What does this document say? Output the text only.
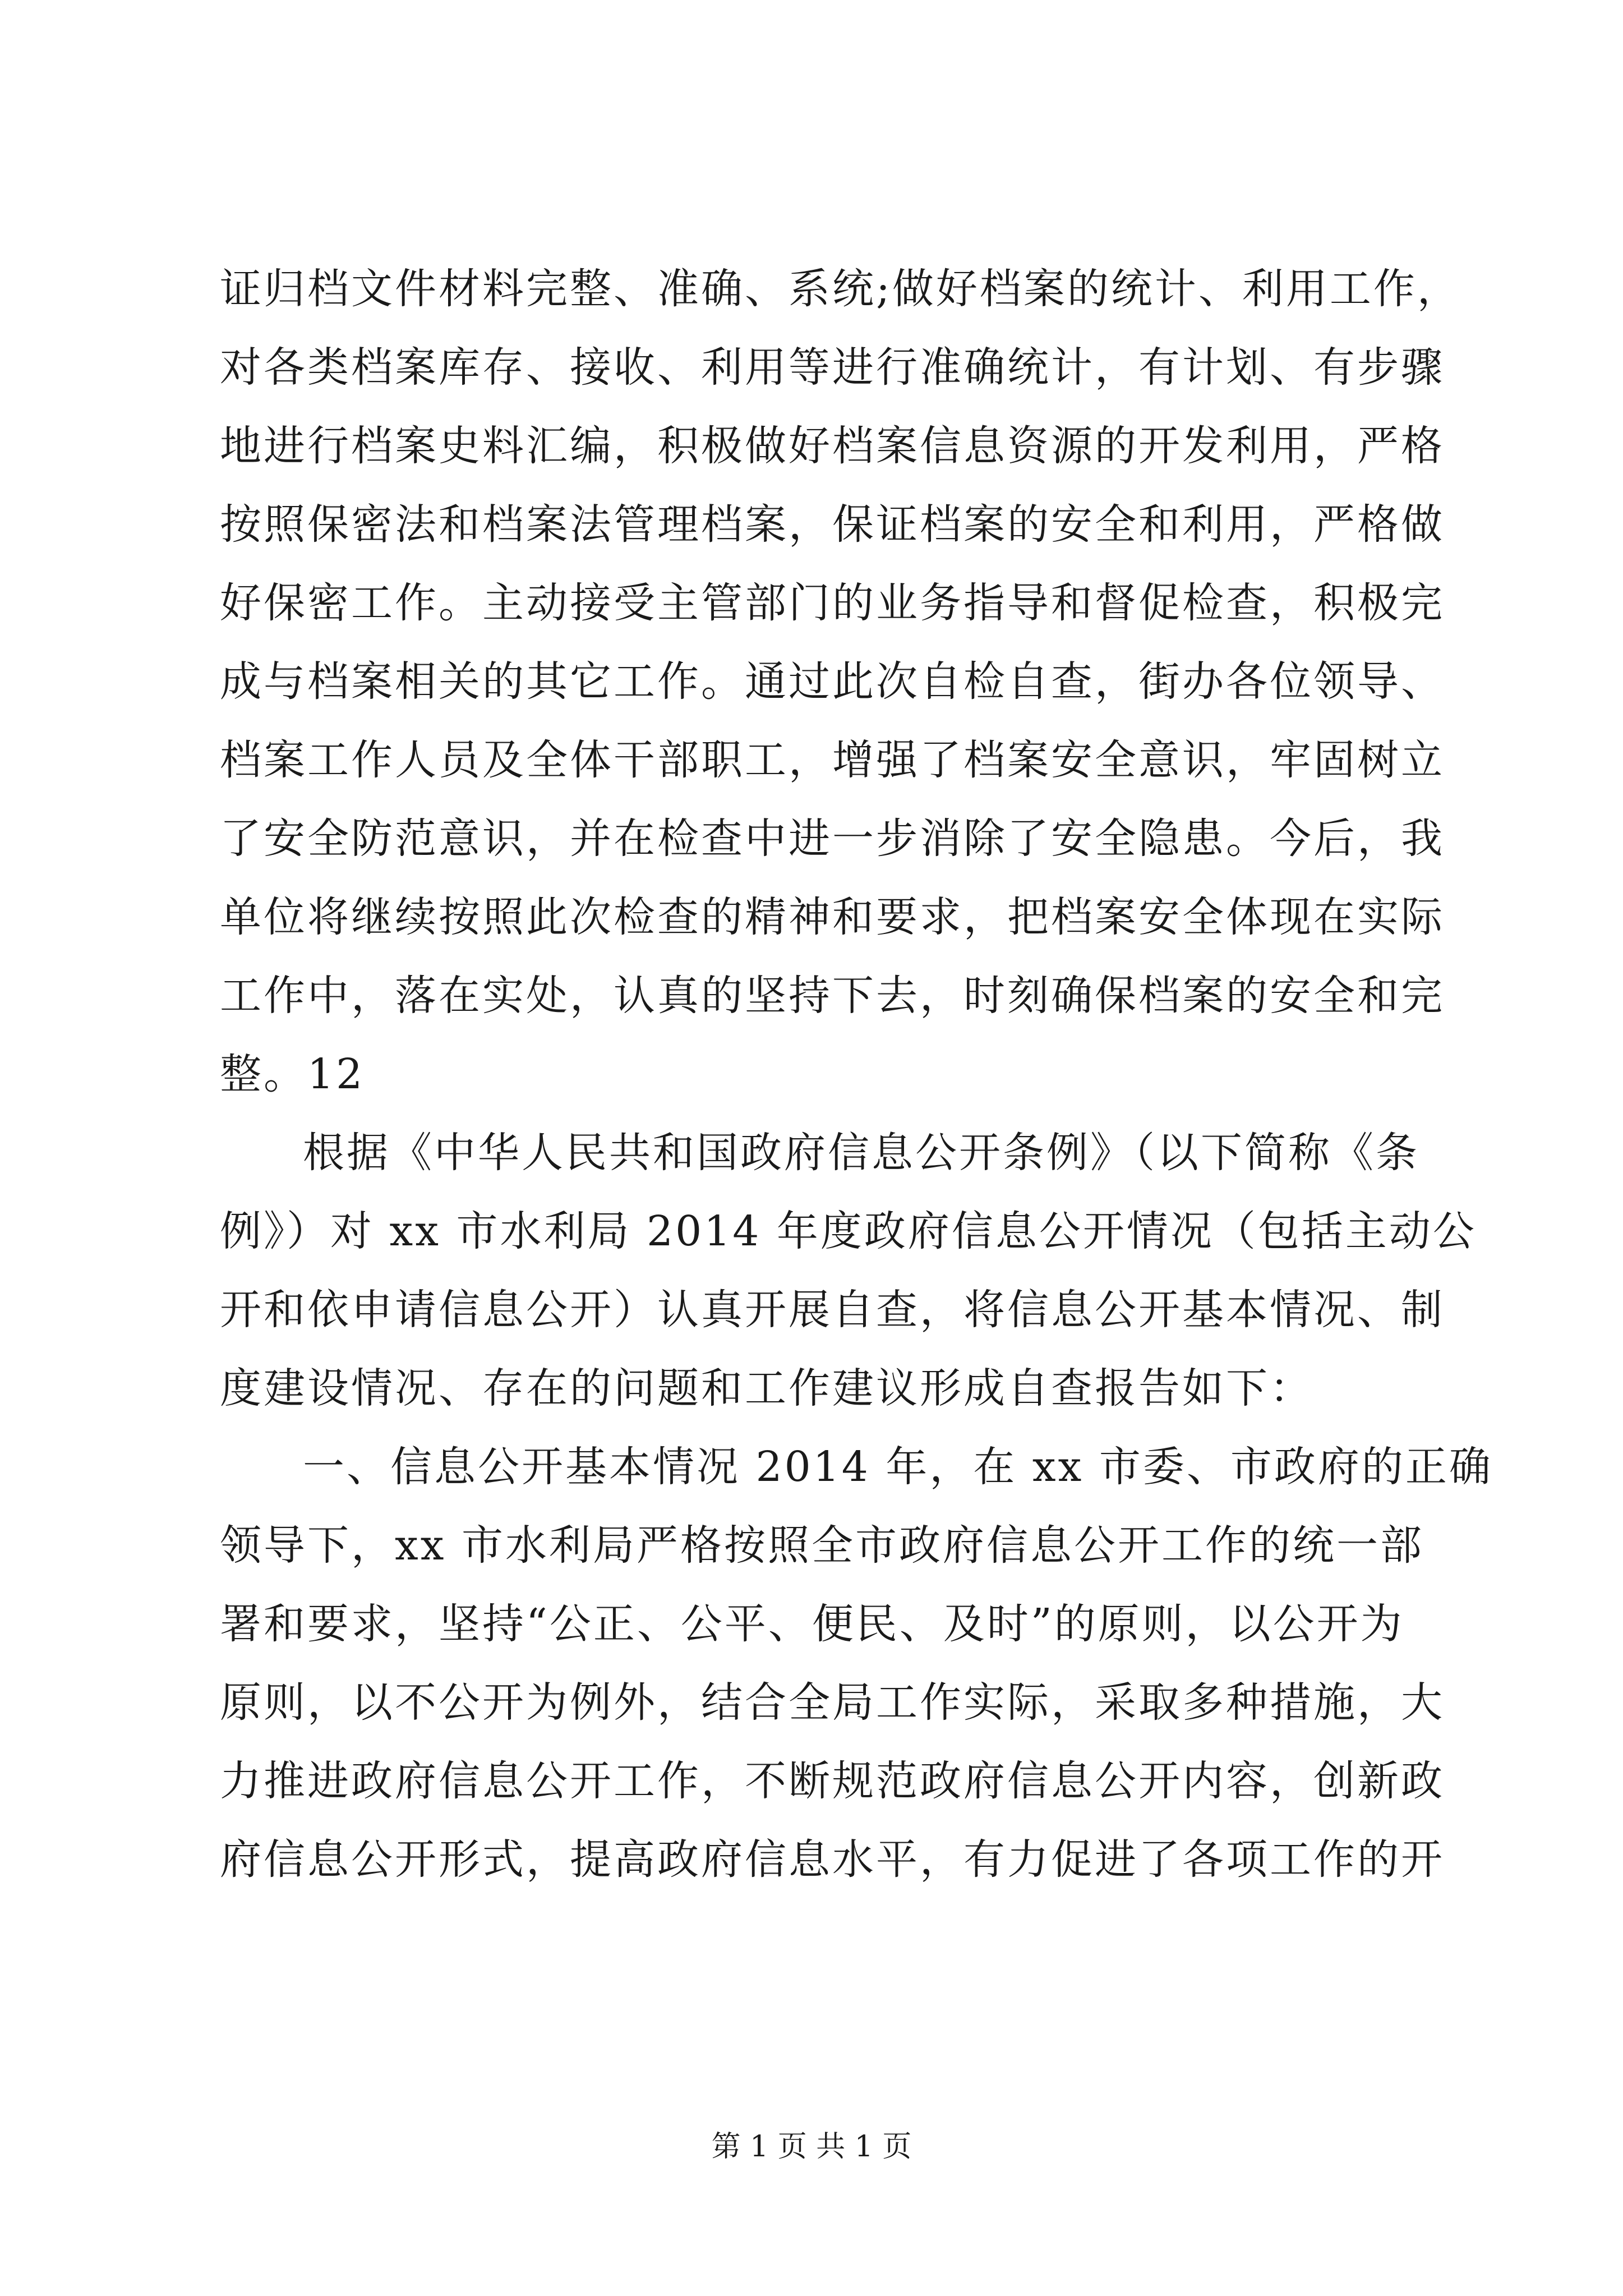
证归档文件材料完整、准确、系统;做好档案的统计、利用工作，
对各类档案库存、接收、利用等进行准确统计，有计划、有步骤
地进行档案史料汇编，积极做好档案信息资源的开发利用，严格
按照保密法和档案法管理档案，保证档案的安全和利用，严格做
好保密工作。主动接受主管部门的业务指导和督促检查，积极完
成与档案相关的其它工作。通过此次自检自查，街办各位领导、
档案工作人员及全体干部职工，增强了档案安全意识，牢固树立
了安全防范意识，并在检查中进一步消除了安全隐患。今后，我
单位将继续按照此次检查的精神和要求，把档案安全体现在实际
工作中，落在实处，认真的坚持下去，时刻确保档案的安全和完
整。12
根据《中华人民共和国政府信息公开条例》（以下简称《条
例》）对 xx 市水利局 2014 年度政府信息公开情况（包括主动公
开和依申请信息公开）认真开展自查，将信息公开基本情况、制
度建设情况、存在的问题和工作建议形成自查报告如下：
一、信息公开基本情况 2014 年，在 xx 市委、市政府的正确
领导下，xx 市水利局严格按照全市政府信息公开工作的统一部
署和要求，坚持“公正、公平、便民、及时”的原则，以公开为
原则，以不公开为例外，结合全局工作实际，采取多种措施，大
力推进政府信息公开工作，不断规范政府信息公开内容，创新政
府信息公开形式，提高政府信息水平，有力促进了各项工作的开
第 1 页 共 1 页
